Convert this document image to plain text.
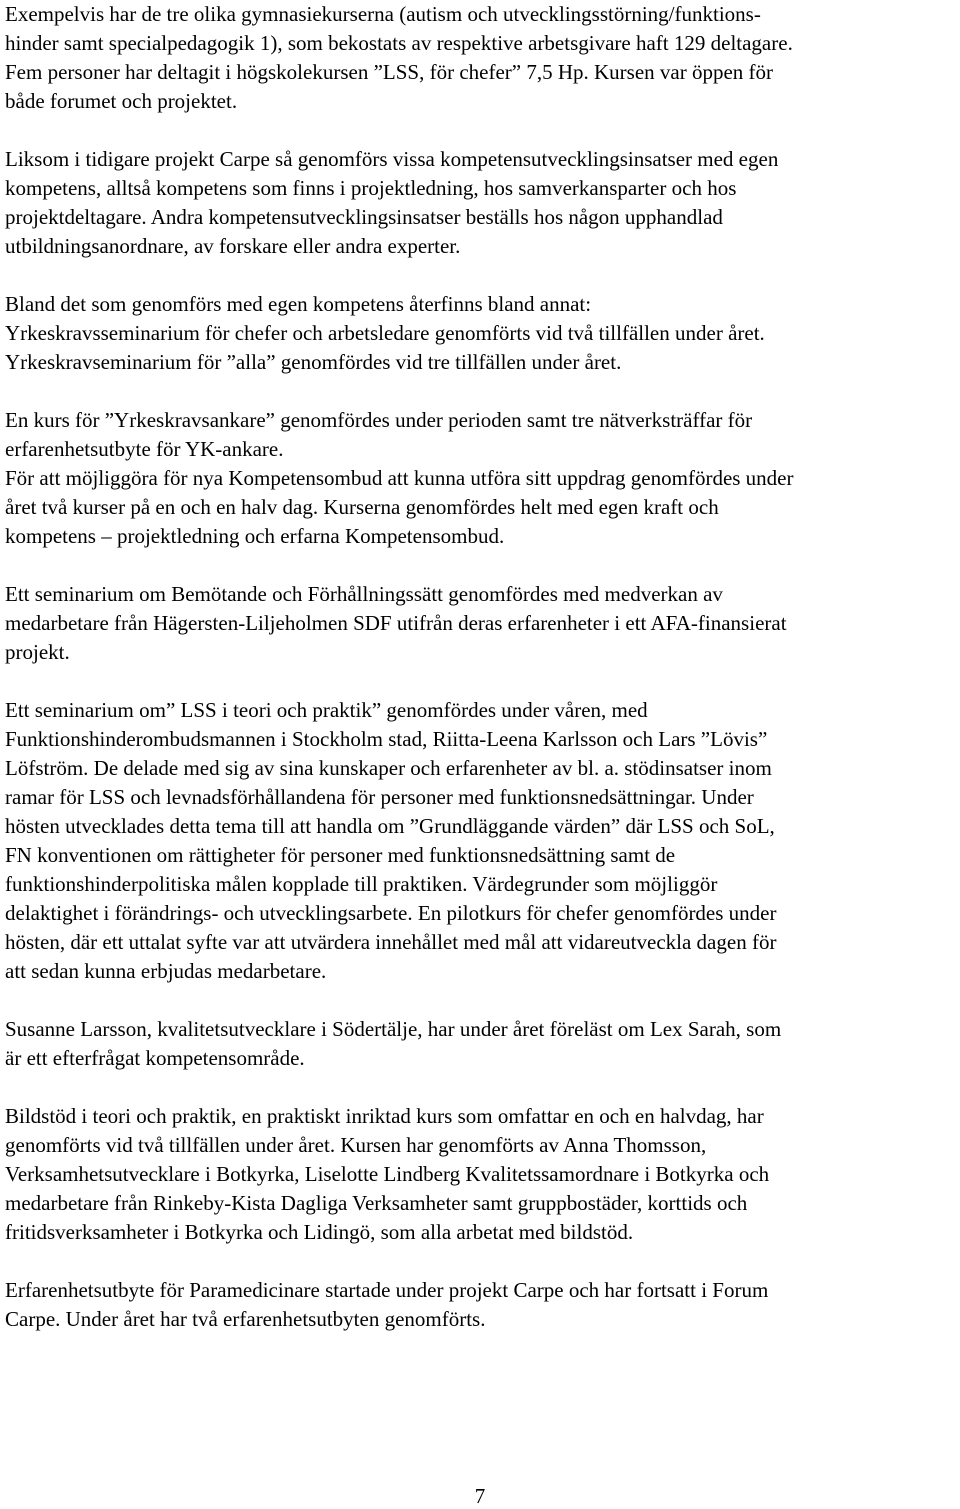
Exempelvis har de tre olika gymnasiekurserna (autism och utvecklingsstörning/funktions-
hinder samt specialpedagogik 1), som bekostats av respektive arbetsgivare haft 129 deltagare.
Fem personer har deltagit i högskolekursen ”LSS, för chefer” 7,5 Hp. Kursen var öppen för
både forumet och projektet.

Liksom i tidigare projekt Carpe så genomförs vissa kompetensutvecklingsinsatser med egen
kompetens, alltså kompetens som finns i projektledning, hos samverkansparter och hos
projektdeltagare. Andra kompetensutvecklingsinsatser beställs hos någon upphandlad
utbildningsanordnare, av forskare eller andra experter.

Bland det som genomförs med egen kompetens återfinns bland annat:
Yrkeskravsseminarium för chefer och arbetsledare genomförts vid två tillfällen under året.
Yrkeskravseminarium för ”alla” genomfördes vid tre tillfällen under året.

En kurs för ”Yrkeskravsankare” genomfördes under perioden samt tre nätverksträffar för
erfarenhetsutbyte för YK-ankare.

För att möjliggöra för nya Kompetensombud att kunna utföra sitt uppdrag genomfördes under
året två kurser på en och en halv dag. Kurserna genomfördes helt med egen kraft och
kompetens – projektledning och erfarna Kompetensombud.

Ett seminarium om Bemötande och Förhållningssätt genomfördes med medverkan av
medarbetare från Hägersten-Liljeholmen SDF utifrån deras erfarenheter i ett AFA-finansierat
projekt.

Ett seminarium om” LSS i teori och praktik” genomfördes under våren, med
Funktionshinderombudsmannen i Stockholm stad, Riitta-Leena Karlsson och Lars ”Lövis”
Löfström. De delade med sig av sina kunskaper och erfarenheter av bl. a. stödinsatser inom
ramar för LSS och levnadsförhållandena för personer med funktionsnedsättningar. Under
hösten utvecklades detta tema till att handla om ”Grundläggande värden” där LSS och SoL,
FN konventionen om rättigheter för personer med funktionsnedsättning samt de
funktionshinderpolitiska målen kopplade till praktiken. Värdegrunder som möjliggör
delaktighet i förändrings- och utvecklingsarbete. En pilotkurs för chefer genomfördes under
hösten, där ett uttalat syfte var att utvärdera innehållet med mål att vidareutveckla dagen för
att sedan kunna erbjudas medarbetare.

Susanne Larsson, kvalitetsutvecklare i Södertälje, har under året föreläst om Lex Sarah, som
är ett efterfrågat kompetensområde.

Bildstöd i teori och praktik, en praktiskt inriktad kurs som omfattar en och en halvdag, har
genomförts vid två tillfällen under året. Kursen har genomförts av Anna Thomsson,
Verksamhetsutvecklare i Botkyrka, Liselotte Lindberg Kvalitetssamordnare i Botkyrka och
medarbetare från Rinkeby-Kista Dagliga Verksamheter samt gruppbostäder, korttids och
fritidsverksamheter i Botkyrka och Lidingö, som alla arbetat med bildstöd.

Erfarenhetsutbyte för Paramedicinare startade under projekt Carpe och har fortsatt i Forum
Carpe. Under året har två erfarenhetsutbyten genomförts.

7
